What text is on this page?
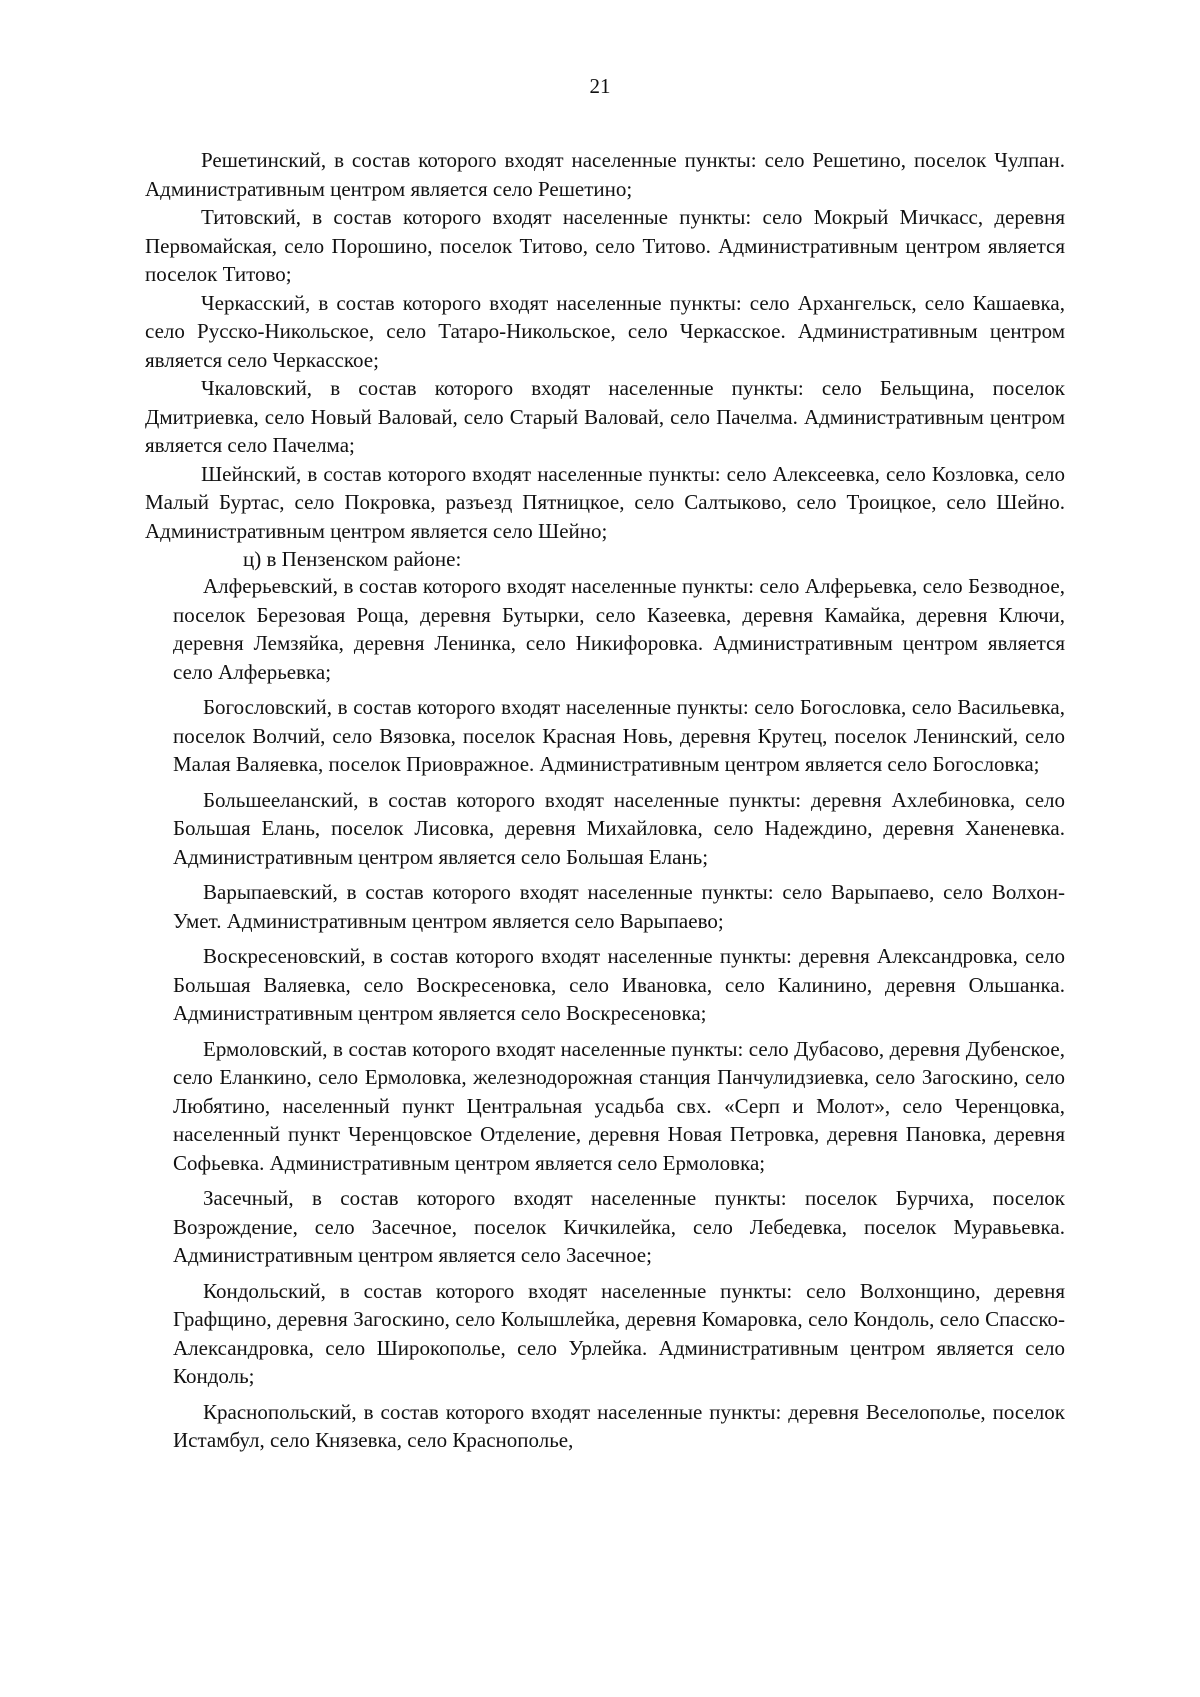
21

Решетинский, в состав которого входят населенные пункты: село Решетино, поселок Чулпан. Административным центром является село Решетино;

Титовский, в состав которого входят населенные пункты: село Мокрый Мичкасс, деревня Первомайская, село Порошино, поселок Титово, село Титово. Административным центром является поселок Титово;

Черкасский, в состав которого входят населенные пункты: село Архангельск, село Кашаевка, село Русско-Никольское, село Татаро-Никольское, село Черкасское. Административным центром является село Черкасское;

Чкаловский, в состав которого входят населенные пункты: село Бельщина, поселок Дмитриевка, село Новый Валовай, село Старый Валовай, село Пачелма. Административным центром является село Пачелма;

Шейнский, в состав которого входят населенные пункты: село Алексеевка, село Козловка, село Малый Буртас, село Покровка, разъезд Пятницкое, село Салтыково, село Троицкое, село Шейно. Административным центром является село Шейно;

ц) в Пензенском районе:

Алферьевский, в состав которого входят населенные пункты: село Алферьевка, село Безводное, поселок Березовая Роща, деревня Бутырки, село Казеевка, деревня Камайка, деревня Ключи, деревня Лемзяйка, деревня Ленинка, село Никифоровка. Административным центром является село Алферьевка;

Богословский, в состав которого входят населенные пункты: село Богословка, село Васильевка, поселок Волчий, село Вязовка, поселок Красная Новь, деревня Крутец, поселок Ленинский, село Малая Валяевка, поселок Приовражное. Административным центром является село Богословка;

Большееланский, в состав которого входят населенные пункты: деревня Ахлебиновка, село Большая Елань, поселок Лисовка, деревня Михайловка, село Надеждино, деревня Ханеневка. Административным центром является село Большая Елань;

Варыпаевский, в состав которого входят населенные пункты: село Варыпаево, село Волхон-Умет. Административным центром является село Варыпаево;

Воскресеновский, в состав которого входят населенные пункты: деревня Александровка, село Большая Валяевка, село Воскресеновка, село Ивановка, село Калинино, деревня Ольшанка. Административным центром является село Воскресеновка;

Ермоловский, в состав которого входят населенные пункты: село Дубасово, деревня Дубенское, село Еланкино, село Ермоловка, железнодорожная станция Панчулидзиевка, село Загоскино, село Любятино, населенный пункт Центральная усадьба свх. «Серп и Молот», село Черенцовка, населенный пункт Черенцовское Отделение, деревня Новая Петровка, деревня Пановка, деревня Софьевка. Административным центром является село Ермоловка;

Засечный, в состав которого входят населенные пункты: поселок Бурчиха, поселок Возрождение, село Засечное, поселок Кичкилейка, село Лебедевка, поселок Муравьевка. Административным центром является село Засечное;

Кондольский, в состав которого входят населенные пункты: село Волхонщино, деревня Графщино, деревня Загоскино, село Колышлейка, деревня Комаровка, село Кондоль, село Спасско-Александровка, село Широкополье, село Урлейка. Административным центром является село Кондоль;

Краснопольский, в состав которого входят населенные пункты: деревня Веселополье, поселок Истамбул, село Князевка, село Краснополье,
